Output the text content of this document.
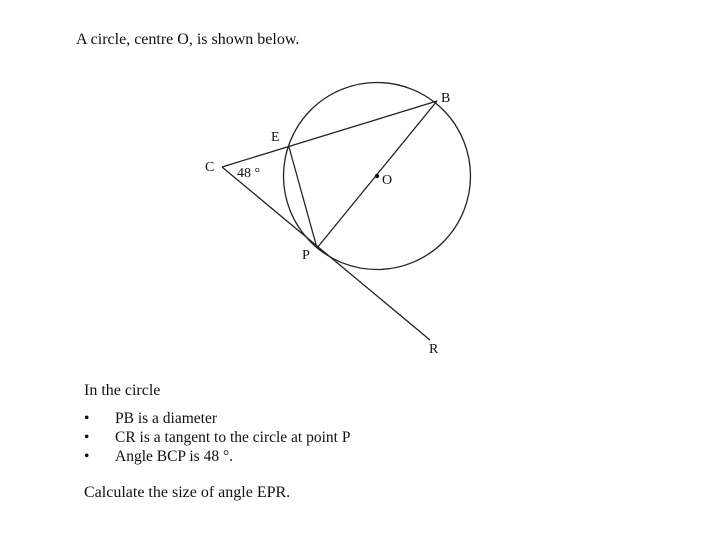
A circle, centre O, is shown below.

B
E
C 48 °	O
P
R

In the circle

• PB is a diameter
• CR is a tangent to the circle at point P
• Angle BCP is 48 °.

Calculate the size of angle EPR.
